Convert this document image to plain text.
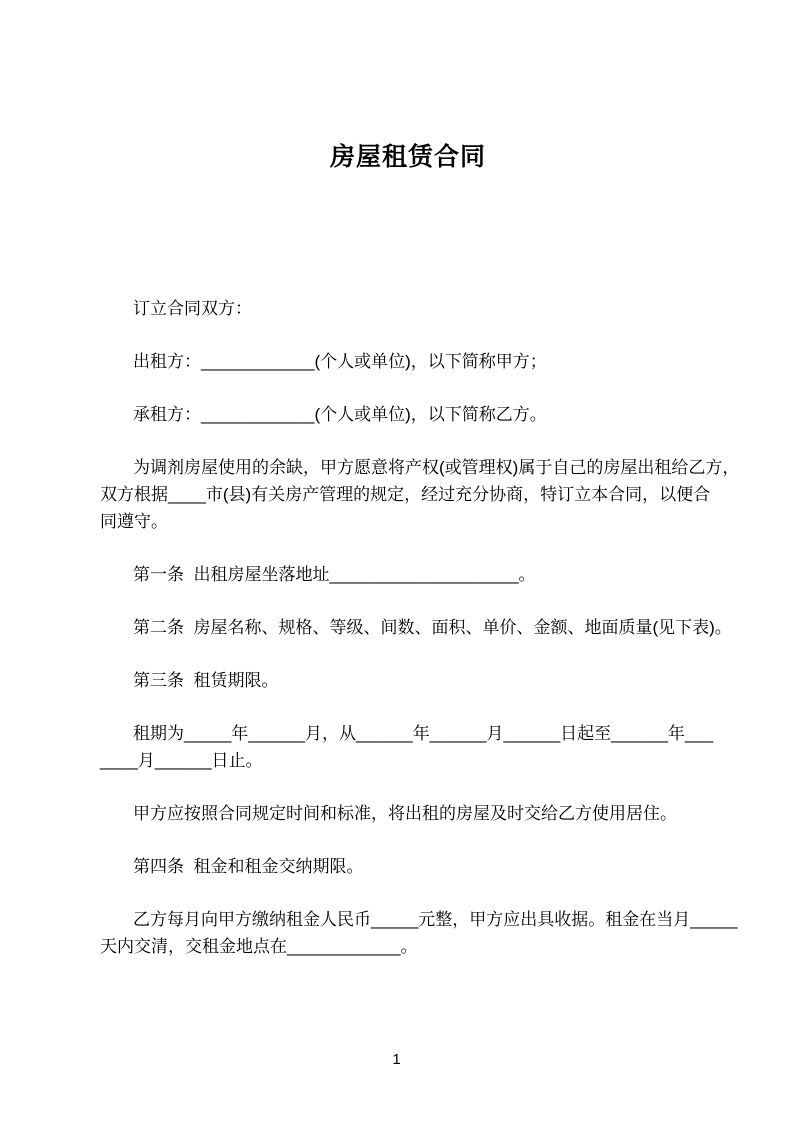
房屋租赁合同
订立合同双方：
出租方：____________(个人或单位)，以下简称甲方；
承租方：____________(个人或单位)，以下简称乙方。
为调剂房屋使用的余缺，甲方愿意将产权(或管理权)属于自己的房屋出租给乙方，
双方根据____市(县)有关房产管理的规定，经过充分协商，特订立本合同，以便合
同遵守。
第一条  出租房屋坐落地址____________________。
第二条  房屋名称、规格、等级、间数、面积、单价、金额、地面质量(见下表)。
第三条  租赁期限。
租期为_____年______月，从______年______月______日起至______年___
____月______日止。
甲方应按照合同规定时间和标准，将出租的房屋及时交给乙方使用居住。
第四条  租金和租金交纳期限。
乙方每月向甲方缴纳租金人民币_____元整，甲方应出具收据。租金在当月_____
天内交清，交租金地点在____________。
1
